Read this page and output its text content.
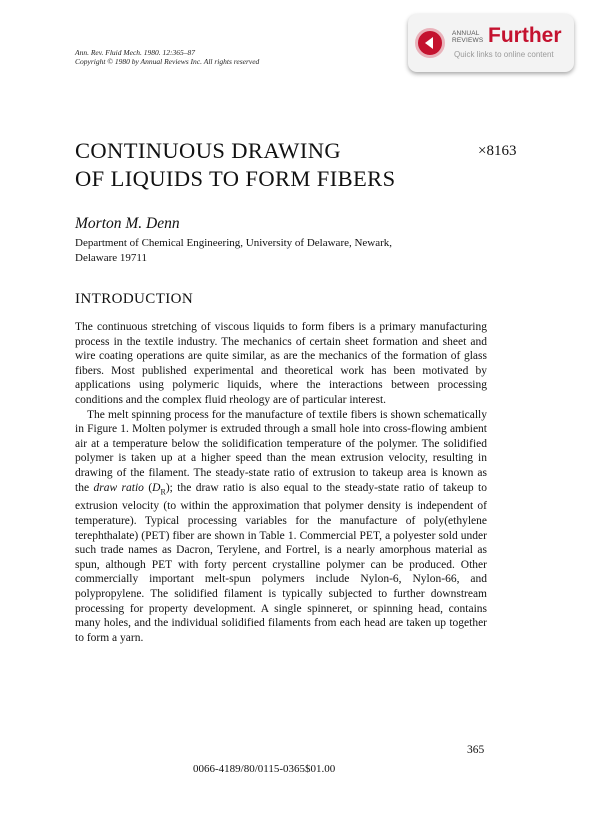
Ann. Rev. Fluid Mech. 1980. 12:365–87
Copyright © 1980 by Annual Reviews Inc. All rights reserved
ANNUAL
REVIEWS Further
Quick links to online content
CONTINUOUS DRAWING
OF LIQUIDS TO FORM FIBERS
×8163
Morton M. Denn
Department of Chemical Engineering, University of Delaware, Newark,
Delaware 19711
INTRODUCTION

The continuous stretching of viscous liquids to form fibers is a primary manufacturing process in the textile industry. The mechanics of certain sheet formation and sheet and wire coating operations are quite similar, as are the mechanics of the formation of glass fibers. Most published experimental and theoretical work has been motivated by applications using polymeric liquids, where the interactions between processing conditions and the complex fluid rheology are of particular interest.

The melt spinning process for the manufacture of textile fibers is shown schematically in Figure 1. Molten polymer is extruded through a small hole into cross-flowing ambient air at a temperature below the solidification temperature of the polymer. The solidified polymer is taken up at a higher speed than the mean extrusion velocity, resulting in drawing of the filament. The steady-state ratio of extrusion to takeup area is known as the draw ratio $(D_R)$; the draw ratio is also equal to the steady-state ratio of takeup to extrusion velocity (to within the approximation that polymer density is independent of temperature). Typical processing variables for the manufacture of poly(ethylene terephthalate) (PET) fiber are shown in Table 1. Commercial PET, a polyester sold under such trade names as Dacron, Terylene, and Fortrel, is a nearly amorphous material as spun, although PET with forty percent crystalline polymer can be produced. Other commercially important melt-spun polymers include Nylon-6, Nylon-66, and polypropylene. The solidified filament is typically subjected to further downstream processing for property development. A single spinneret, or spinning head, contains many holes, and the individual solidified filaments from each head are taken up together to form a yarn.

365
0066-4189/80/0115-0365$01.00
